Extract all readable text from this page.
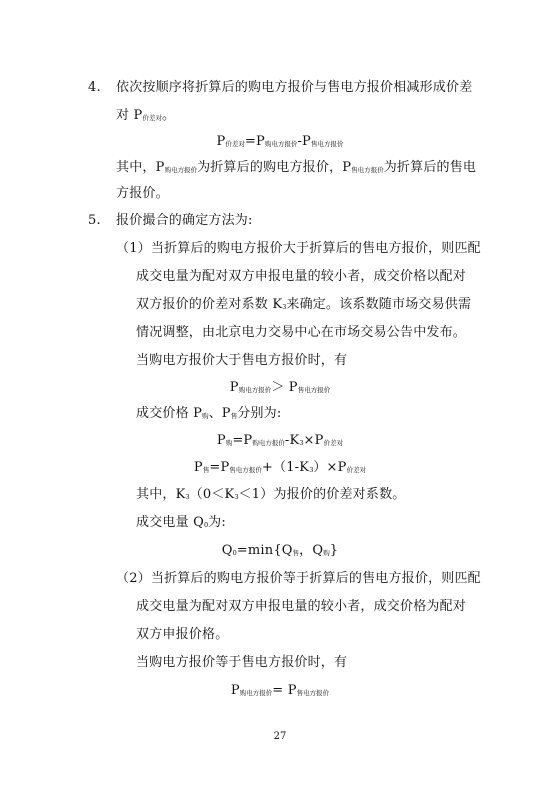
4. 依次按顺序将折算后的购电方报价与售电方报价相减形成价差
对 P价差对。
P价差对=P购电方报价-P售电方报价
其中，P购电方报价为折算后的购电方报价，P售电方报价为折算后的售电
方报价。
5. 报价撮合的确定方法为:
（1）当折算后的购电方报价大于折算后的售电方报价，则匹配
成交电量为配对双方申报电量的较小者，成交价格以配对
双方报价的价差对系数 $K_3$来确定。该系数随市场交易供需
情况调整，由北京电力交易中心在市场交易公告中发布。
当购电方报价大于售电方报价时，有
P购电方报价＞ P售电方报价
成交价格 P购、P售分别为:
P购=P购电方报价$-K_3\times P$价差对
P售=P售电方报价$+(1-K_3)\times P$价差对
其中，$K_3(0<K_3<1)$为报价的价差对系数。
成交电量 $Q_0$为:
$Q_0=\min\{Q$售，Q购}
（2）当折算后的购电方报价等于折算后的售电方报价，则匹配
成交电量为配对双方申报电量的较小者，成交价格为配对
双方申报价格。
当购电方报价等于售电方报价时，有
P购电方报价= P售电方报价
27
